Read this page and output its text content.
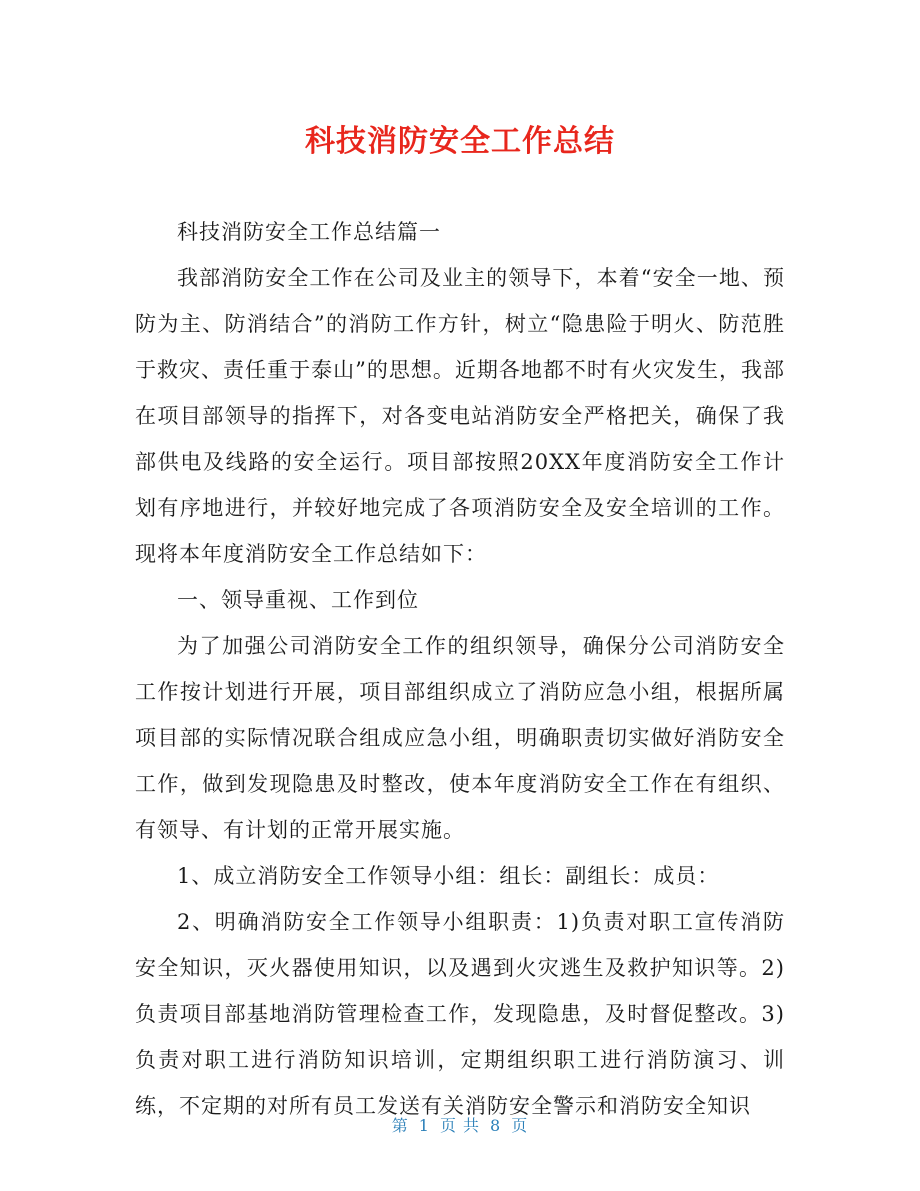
科技消防安全工作总结

科技消防安全工作总结篇一

我部消防安全工作在公司及业主的领导下，本着“安全一地、预防为主、防消结合”的消防工作方针，树立“隐患险于明火、防范胜于救灾、责任重于泰山”的思想。近期各地都不时有火灾发生，我部在项目部领导的指挥下，对各变电站消防安全严格把关，确保了我部供电及线路的安全运行。项目部按照20XX年度消防安全工作计划有序地进行，并较好地完成了各项消防安全及安全培训的工作。现将本年度消防安全工作总结如下：

一、领导重视、工作到位

为了加强公司消防安全工作的组织领导，确保分公司消防安全工作按计划进行开展，项目部组织成立了消防应急小组，根据所属项目部的实际情况联合组成应急小组，明确职责切实做好消防安全工作，做到发现隐患及时整改，使本年度消防安全工作在有组织、有领导、有计划的正常开展实施。

1、成立消防安全工作领导小组：组长：副组长：成员：

2、明确消防安全工作领导小组职责：1)负责对职工宣传消防安全知识，灭火器使用知识，以及遇到火灾逃生及救护知识等。2)负责项目部基地消防管理检查工作，发现隐患，及时督促整改。3)负责对职工进行消防知识培训，定期组织职工进行消防演习、训练，不定期的对所有员工发送有关消防安全警示和消防安全知识

第 1 页 共 8 页
